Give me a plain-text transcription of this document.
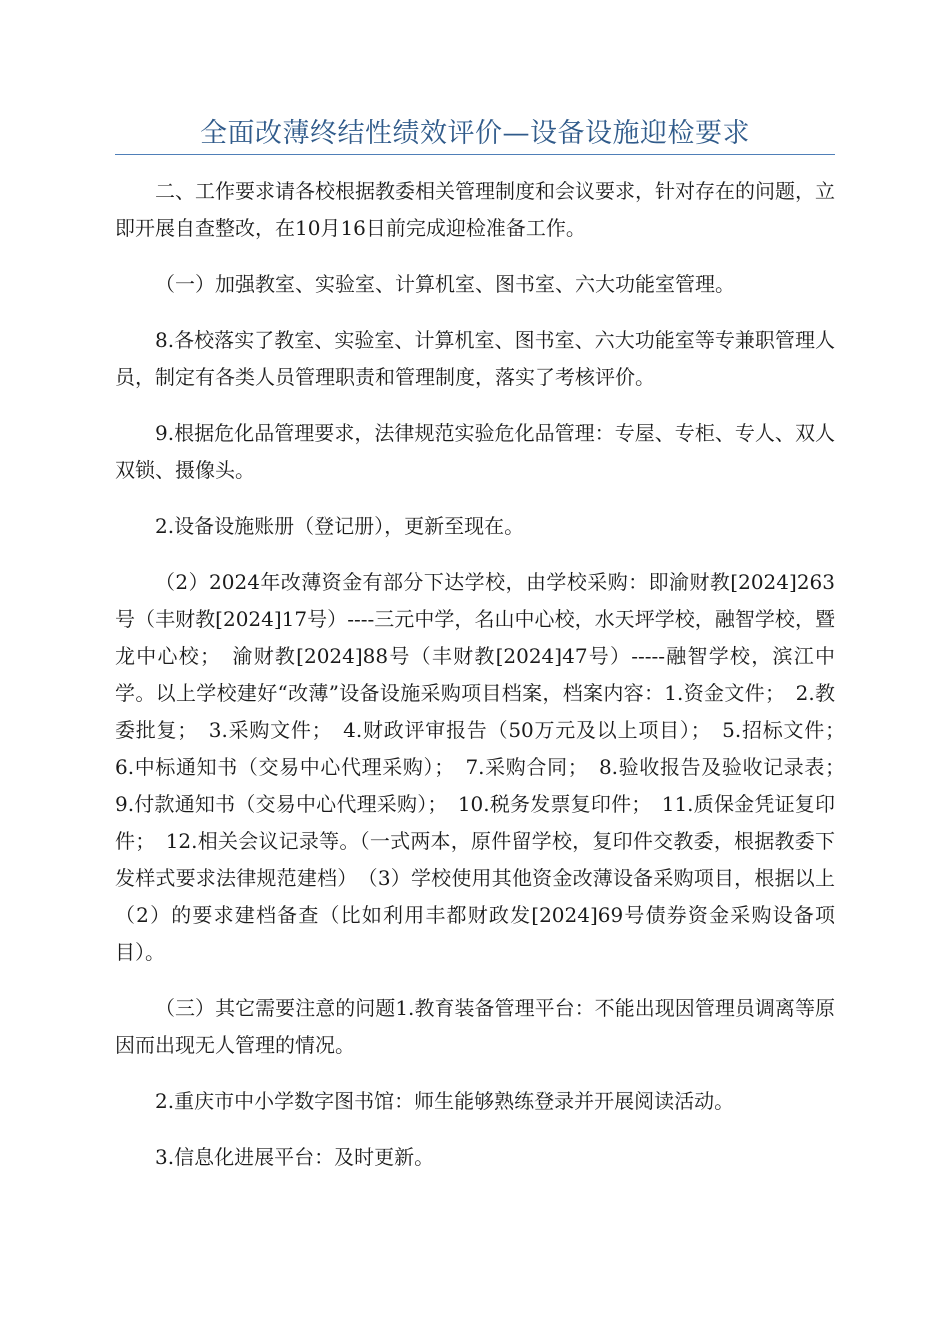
全面改薄终结性绩效评价—设备设施迎检要求

二、工作要求请各校根据教委相关管理制度和会议要求，针对存在的问题，立即开展自查整改，在10月16日前完成迎检准备工作。

（一）加强教室、实验室、计算机室、图书室、六大功能室管理。

8.各校落实了教室、实验室、计算机室、图书室、六大功能室等专兼职管理人员，制定有各类人员管理职责和管理制度，落实了考核评价。

9.根据危化品管理要求，法律规范实验危化品管理：专屋、专柜、专人、双人双锁、摄像头。

2.设备设施账册（登记册），更新至现在。

（2）2024年改薄资金有部分下达学校，由学校采购：即渝财教[2024]263号（丰财教[2024]17号）----三元中学，名山中心校，水天坪学校，融智学校，暨龙中心校；　渝财教[2024]88号（丰财教[2024]47号）-----融智学校，滨江中学。以上学校建好“改薄”设备设施采购项目档案，档案内容：1.资金文件；　2.教委批复；　3.采购文件；　4.财政评审报告（50万元及以上项目）；　5.招标文件；　6.中标通知书（交易中心代理采购）；　7.采购合同；　8.验收报告及验收记录表；　9.付款通知书（交易中心代理采购）；　10.税务发票复印件；　11.质保金凭证复印件；　12.相关会议记录等。（一式两本，原件留学校，复印件交教委，根据教委下发样式要求法律规范建档）　（3）学校使用其他资金改薄设备采购项目，根据以上（2）的要求建档备查（比如利用丰都财政发[2024]69号债券资金采购设备项目）。

（三）其它需要注意的问题1.教育装备管理平台：不能出现因管理员调离等原因而出现无人管理的情况。

2.重庆市中小学数字图书馆：师生能够熟练登录并开展阅读活动。

3.信息化进展平台：及时更新。
